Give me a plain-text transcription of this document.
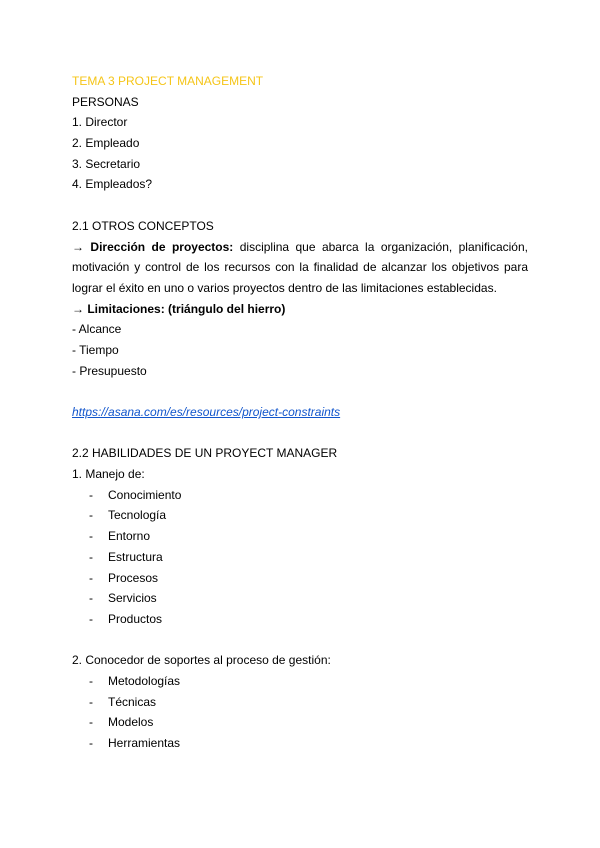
TEMA 3 PROJECT MANAGEMENT
PERSONAS
1. Director
2. Empleado
3. Secretario
4. Empleados?
2.1 OTROS CONCEPTOS

→ Dirección de proyectos: disciplina que abarca la organización, planificación, motivación y control de los recursos con la finalidad de alcanzar los objetivos para lograr el éxito en uno o varios proyectos dentro de las limitaciones establecidas.

→ Limitaciones: (triángulo del hierro)
- Alcance
- Tiempo
- Presupuesto
https://asana.com/es/resources/project-constraints
2.2 HABILIDADES DE UN PROYECT MANAGER
1. Manejo de:
- Conocimiento
- Tecnología
- Entorno
- Estructura
- Procesos
- Servicios
- Productos
2. Conocedor de soportes al proceso de gestión:
- Metodologías
- Técnicas
- Modelos
- Herramientas
